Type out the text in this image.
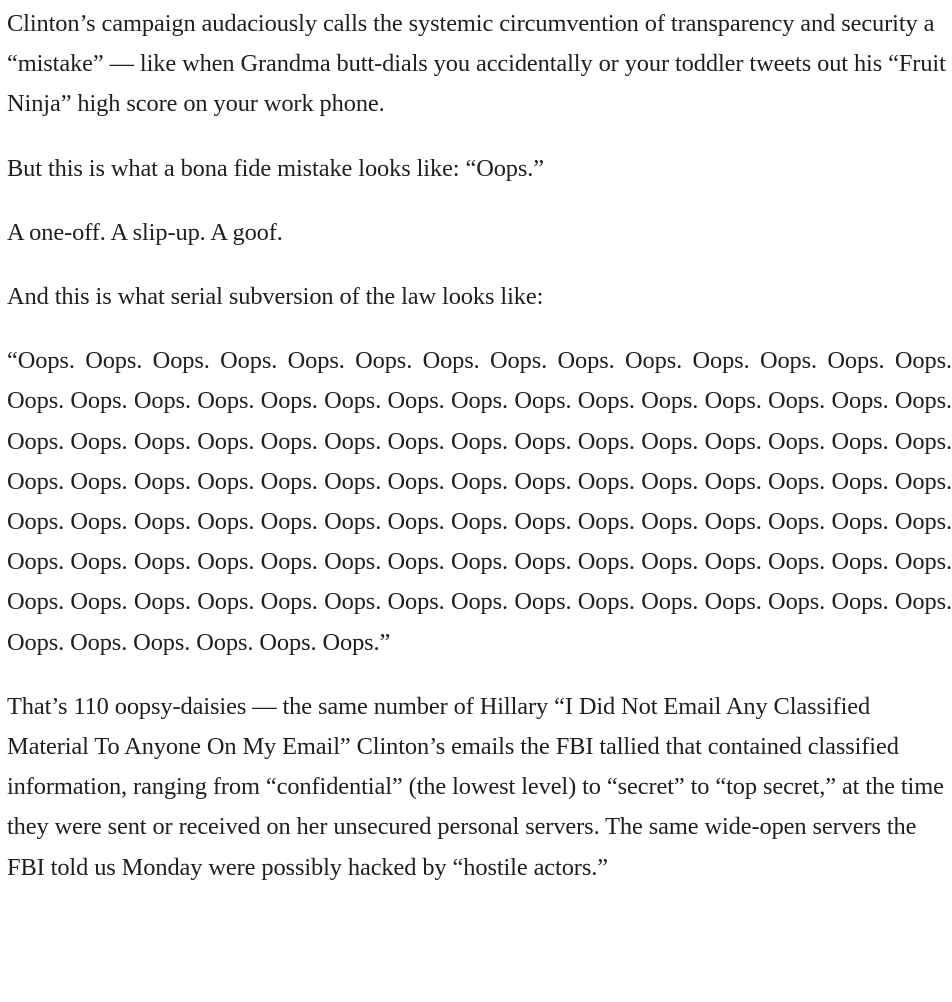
Clinton’s campaign audaciously calls the systemic circumvention of transparency and security a “mistake” — like when Grandma butt-dials you accidentally or your toddler tweets out his “Fruit Ninja” high score on your work phone.

But this is what a bona fide mistake looks like: “Oops.”

A one-off. A slip-up. A goof.

And this is what serial subversion of the law looks like:

“Oops. Oops. Oops. Oops. Oops. Oops. Oops. Oops. Oops. Oops. Oops. Oops. Oops. Oops. Oops. Oops. Oops. Oops. Oops. Oops. Oops. Oops. Oops. Oops. Oops. Oops. Oops. Oops. Oops. Oops. Oops. Oops. Oops. Oops. Oops. Oops. Oops. Oops. Oops. Oops. Oops. Oops. Oops. Oops. Oops. Oops. Oops. Oops. Oops. Oops. Oops. Oops. Oops. Oops. Oops. Oops. Oops. Oops. Oops. Oops. Oops. Oops. Oops. Oops. Oops. Oops. Oops. Oops. Oops. Oops. Oops. Oops. Oops. Oops. Oops. Oops. Oops. Oops. Oops. Oops. Oops. Oops. Oops. Oops. Oops. Oops. Oops. Oops. Oops. Oops. Oops. Oops. Oops. Oops. Oops. Oops. Oops. Oops. Oops. Oops. Oops. Oops. Oops. Oops. Oops. Oops. Oops. Oops. Oops. Oops.”

That’s 110 oopsy-daisies — the same number of Hillary “I Did Not Email Any Classified Material To Anyone On My Email” Clinton’s emails the FBI tallied that contained classified information, ranging from “confidential” (the lowest level) to “secret” to “top secret,” at the time they were sent or received on her unsecured personal servers. The same wide-open servers the FBI told us Monday were possibly hacked by “hostile actors.”
